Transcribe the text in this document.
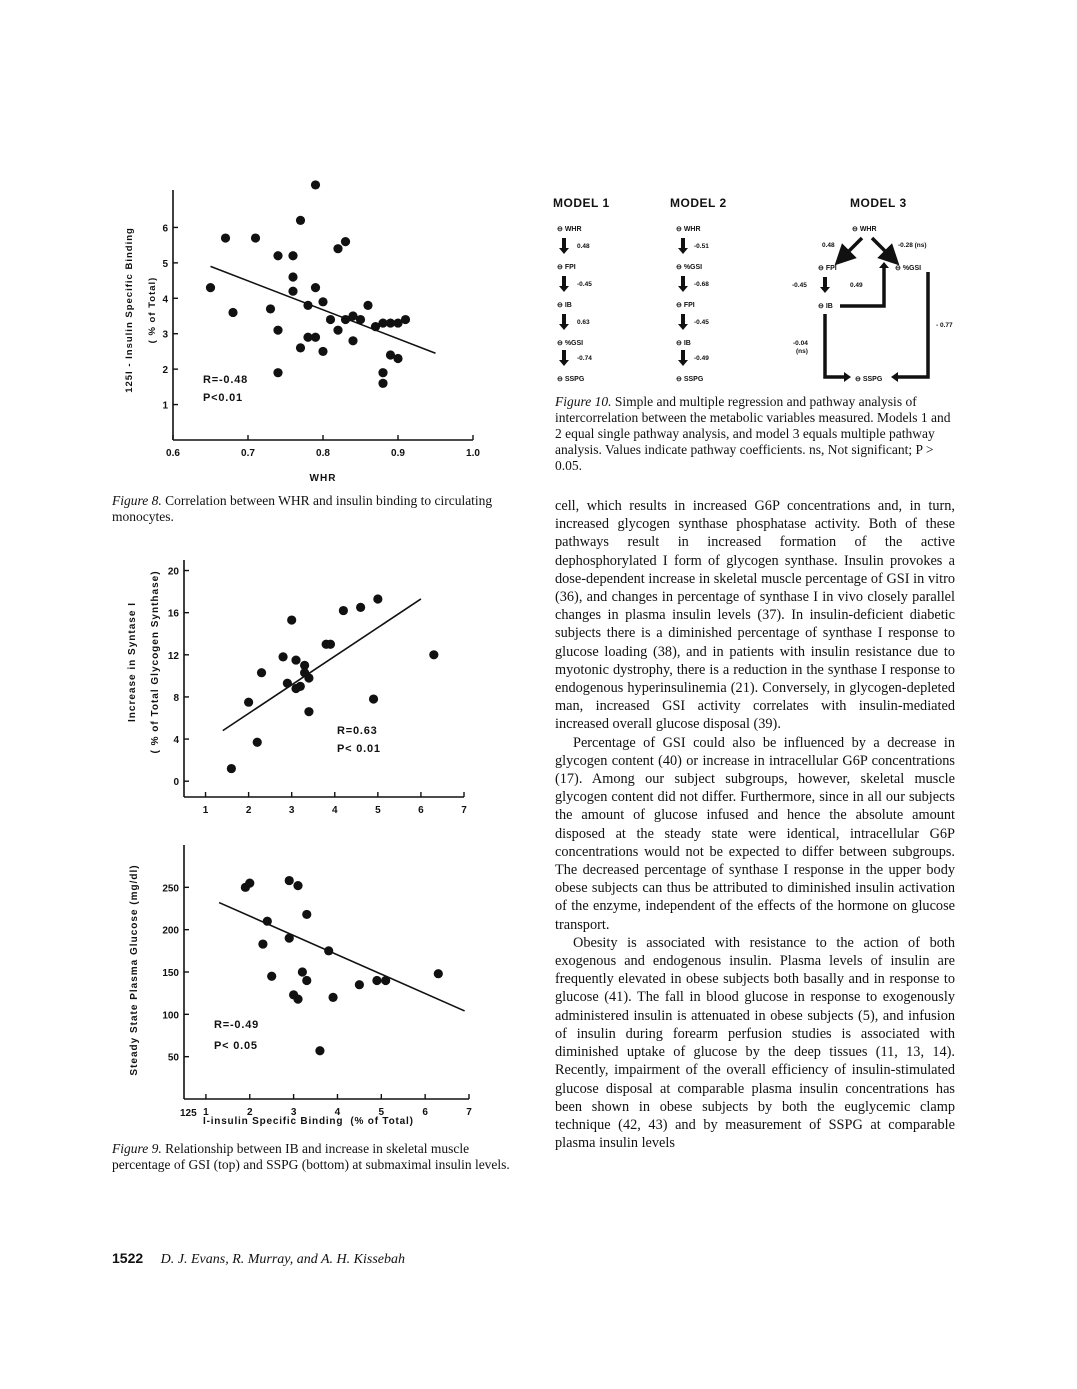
1
2
3
4
5
6
0.6	0.7	0.8	0.9	1.0
R=-0.48
P<0.01
WHR
125I - Insulin Specific Binding ( % of Total)
Figure 8. Correlation between WHR and insulin binding to circulating monocytes.
0
4
8
12
16
20
1	2	3	4	5	6	7
R=0.63
P< 0.01
Increase in Syntase I ( % of Total Glycogen Synthase)
50
100
150
200
250
1	2	3	4	5	6	7
R=-0.49
P< 0.05
125
I-insulin Specific Binding  (% of Total)
Steady State Plasma Glucose (mg/dl)
Figure 9. Relationship between IB and increase in skeletal muscle percentage of GSI (top) and SSPG (bottom) at submaximal insulin levels.
MODEL 1
⊖ WHR
0.48
⊖ FPI
-0.45
⊖ IB
0.63
⊖ %GSI
-0.74
⊖ SSPG
MODEL 2
⊖ WHR
-0.51
⊖ %GSI
-0.68
⊖ FPI
-0.45
⊖ IB
-0.49
⊖ SSPG
MODEL 3
⊖ WHR
0.48	-0.28 (ns)
⊖ FPI	⊖ %GSI
-0.45
⊖ IB
0.49
-0.04
(ns)
- 0.77
⊖ SSPG
Figure 10. Simple and multiple regression and pathway analysis of intercorrelation between the metabolic variables measured. Models 1 and 2 equal single pathway analysis, and model 3 equals multiple pathway analysis. Values indicate pathway coefficients. ns, Not significant; P > 0.05.

cell, which results in increased G6P concentrations and, in turn, increased glycogen synthase phosphatase activity. Both of these pathways result in increased formation of the active dephosphorylated I form of glycogen synthase. Insulin provokes a dose-dependent increase in skeletal muscle percentage of GSI in vitro (36), and changes in percentage of synthase I in vivo closely parallel changes in plasma insulin levels (37). In insulin-deficient diabetic subjects there is a diminished percentage of synthase I response to glucose loading (38), and in patients with insulin resistance due to myotonic dystrophy, there is a reduction in the synthase I response to endogenous hyperinsulinemia (21). Conversely, in glycogen-depleted man, increased GSI activity correlates with insulin-mediated increased overall glucose disposal (39).

Percentage of GSI could also be influenced by a decrease in glycogen content (40) or increase in intracellular G6P concentrations (17). Among our subject subgroups, however, skeletal muscle glycogen content did not differ. Furthermore, since in all our subjects the amount of glucose infused and hence the absolute amount disposed at the steady state were identical, intracellular G6P concentrations would not be expected to differ between subgroups. The decreased percentage of synthase I response in the upper body obese subjects can thus be attributed to diminished insulin activation of the enzyme, independent of the effects of the hormone on glucose transport.

Obesity is associated with resistance to the action of both exogenous and endogenous insulin. Plasma levels of insulin are frequently elevated in obese subjects both basally and in response to glucose (41). The fall in blood glucose in response to exogenously administered insulin is attenuated in obese subjects (5), and infusion of insulin during forearm perfusion studies is associated with diminished uptake of glucose by the deep tissues (11, 13, 14). Recently, impairment of the overall efficiency of insulin-stimulated glucose disposal at comparable plasma insulin concentrations has been shown in obese subjects by both the euglycemic clamp technique (42, 43) and by measurement of SSPG at comparable plasma insulin levels

1522 D. J. Evans, R. Murray, and A. H. Kissebah
